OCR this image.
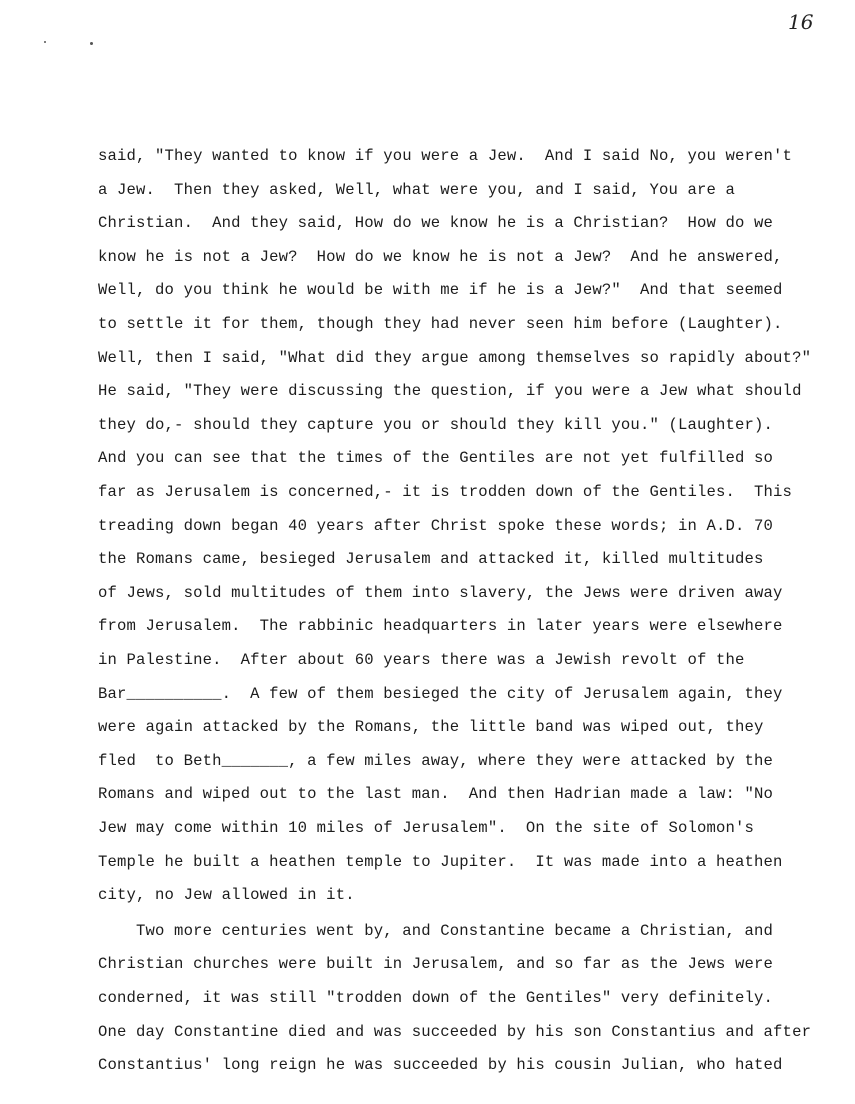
16
said, "They wanted to know if you were a Jew.  And I said No, you weren't
a Jew.  Then they asked, Well, what were you, and I said, You are a
Christian.  And they said, How do we know he is a Christian?  How do we
know he is not a Jew?  How do we know he is not a Jew?  And he answered,
Well, do you think he would be with me if he is a Jew?"  And that seemed
to settle it for them, though they had never seen him before (Laughter).
Well, then I said, "What did they argue among themselves so rapidly about?"
He said, "They were discussing the question, if you were a Jew what should
they do,- should they capture you or should they kill you." (Laughter).
And you can see that the times of the Gentiles are not yet fulfilled so
far as Jerusalem is concerned,- it is trodden down of the Gentiles.  This
treading down began 40 years after Christ spoke these words; in A.D. 70
the Romans came, besieged Jerusalem and attacked it, killed multitudes
of Jews, sold multitudes of them into slavery, the Jews were driven away
from Jerusalem.  The rabbinic headquarters in later years were elsewhere
in Palestine.  After about 60 years there was a Jewish revolt of the
Bar__________.  A few of them besieged the city of Jerusalem again, they
were again attacked by the Romans, the little band was wiped out, they
fled  to Beth_______, a few miles away, where they were attacked by the
Romans and wiped out to the last man.  And then Hadrian made a law: "No
Jew may come within 10 miles of Jerusalem".  On the site of Solomon's
Temple he built a heathen temple to Jupiter.  It was made into a heathen
city, no Jew allowed in it.
Two more centuries went by, and Constantine became a Christian, and
Christian churches were built in Jerusalem, and so far as the Jews were
conderned, it was still "trodden down of the Gentiles" very definitely.
One day Constantine died and was succeeded by his son Constantius and after
Constantius' long reign he was succeeded by his cousin Julian, who hated
